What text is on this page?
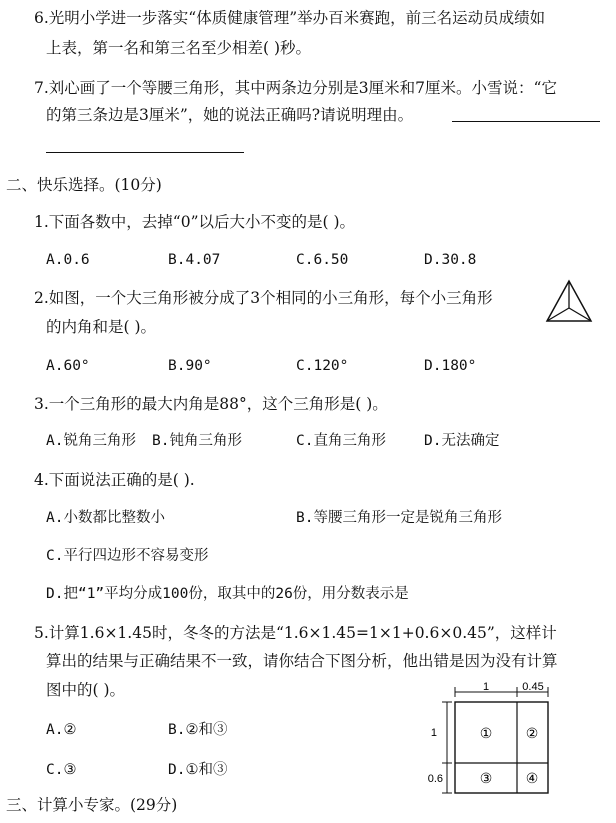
6.光明小学进一步落实“体质健康管理”举办百米赛跑，前三名运动员成绩如
上表，第一名和第三名至少相差( )秒。
7.刘心画了一个等腰三角形，其中两条边分别是3厘米和7厘米。小雪说：“它
的第三条边是3厘米”，她的说法正确吗?请说明理由。
二、快乐选择。(10分)
1.下面各数中，去掉“0”以后大小不变的是( )。
A.0.6	B.4.07	C.6.50	D.30.8
2.如图，一个大三角形被分成了3个相同的小三角形，每个小三角形
的内角和是( )。
A.60°	B.90°	C.120°	D.180°
3.一个三角形的最大内角是88°，这个三角形是( )。
A.锐角三角形 B.钝角三角形	C.直角三角形	D.无法确定
4.下面说法正确的是( ).
A.小数都比整数小	B.等腰三角形一定是锐角三角形
C.平行四边形不容易变形
D.把“1”平均分成100份，取其中的26份，用分数表示是
5.计算1.6×1.45时，冬冬的方法是“1.6×1.45=1×1+0.6×0.45”，这样计
算出的结果与正确结果不一致，请你结合下图分析，他出错是因为没有计算
图中的( )。
A.②	B.②和③
C.③	D.①和③
1	0.45
1
0.6
① ②
③ ④
三、计算小专家。(29分)
